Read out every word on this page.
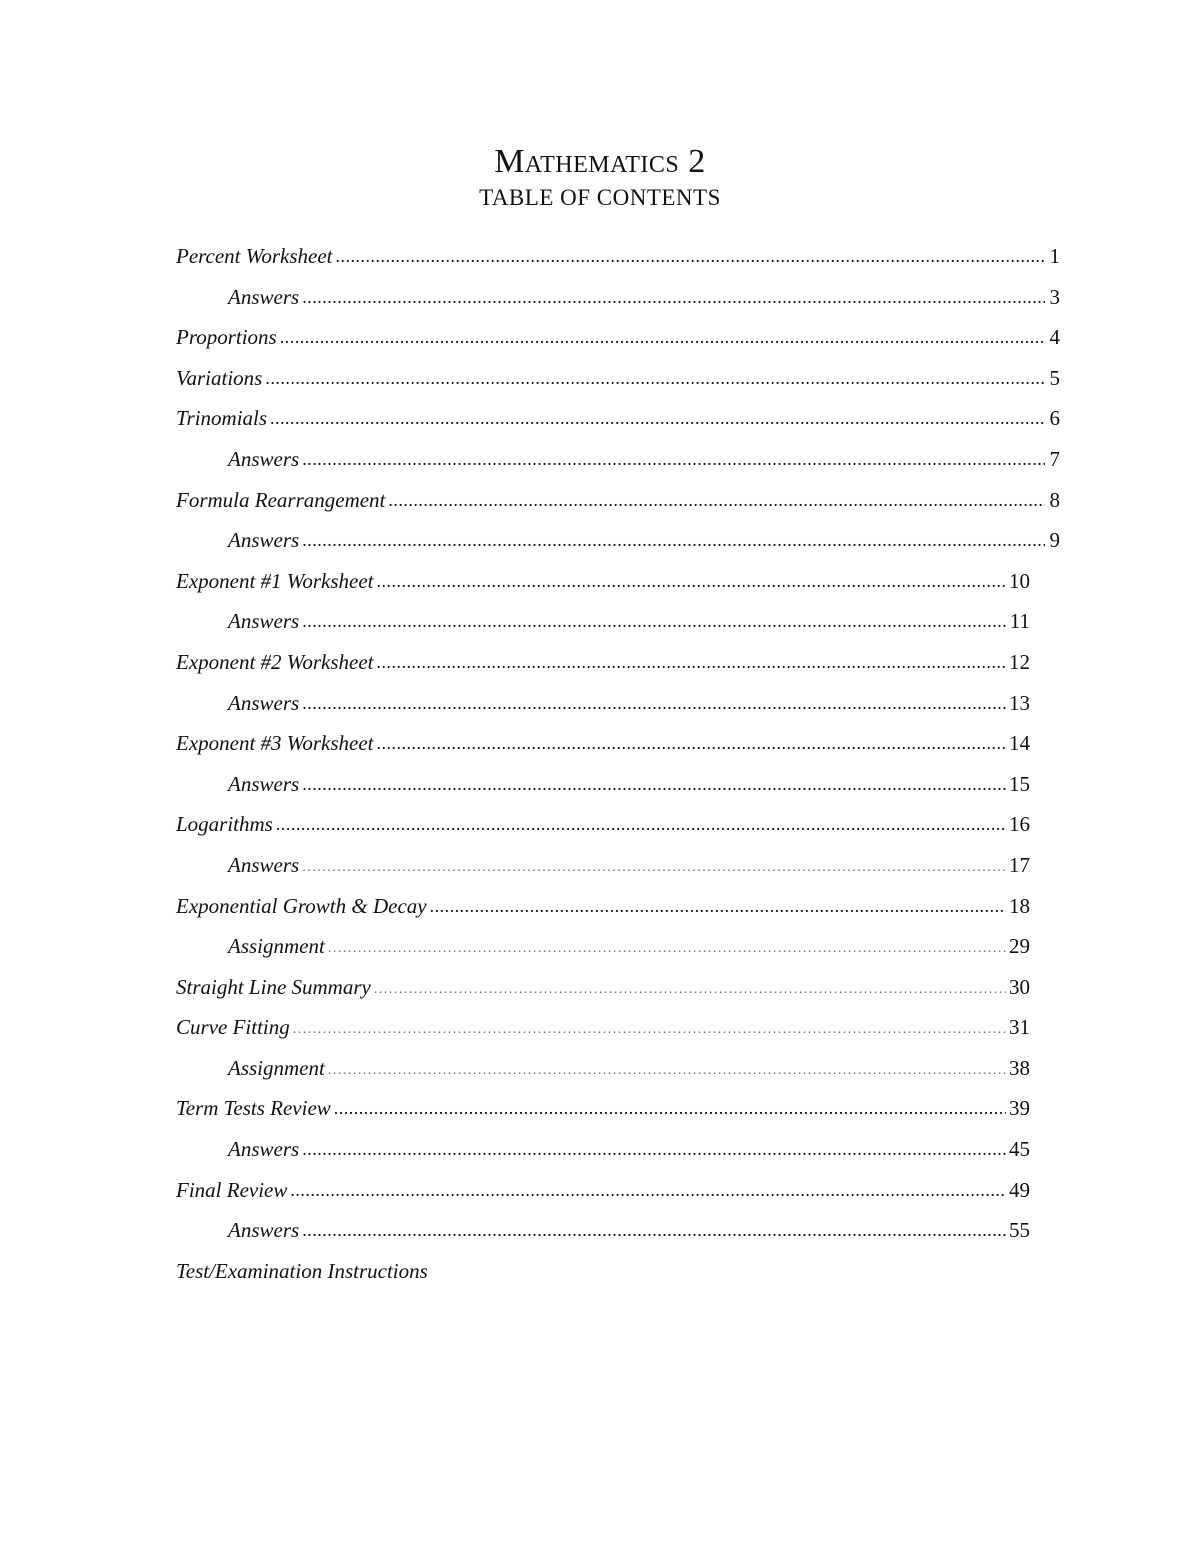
Mathematics 2
TABLE OF CONTENTS
Percent Worksheet .....	1
Answers .....	3
Proportions .....	4
Variations .....	5
Trinomials .....	6
Answers .....	7
Formula Rearrangement .....	8
Answers .....	9
Exponent #1 Worksheet .....	10
Answers .....	11
Exponent #2 Worksheet .....	12
Answers .....	13
Exponent #3 Worksheet .....	14
Answers .....	15
Logarithms .....	16
Answers .....	17
Exponential Growth & Decay .....	18
Assignment .....	29
Straight Line Summary .....	30
Curve Fitting .....	31
Assignment .....	38
Term Tests Review .....	39
Answers .....	45
Final Review .....	49
Answers .....	55
Test/Examination Instructions
